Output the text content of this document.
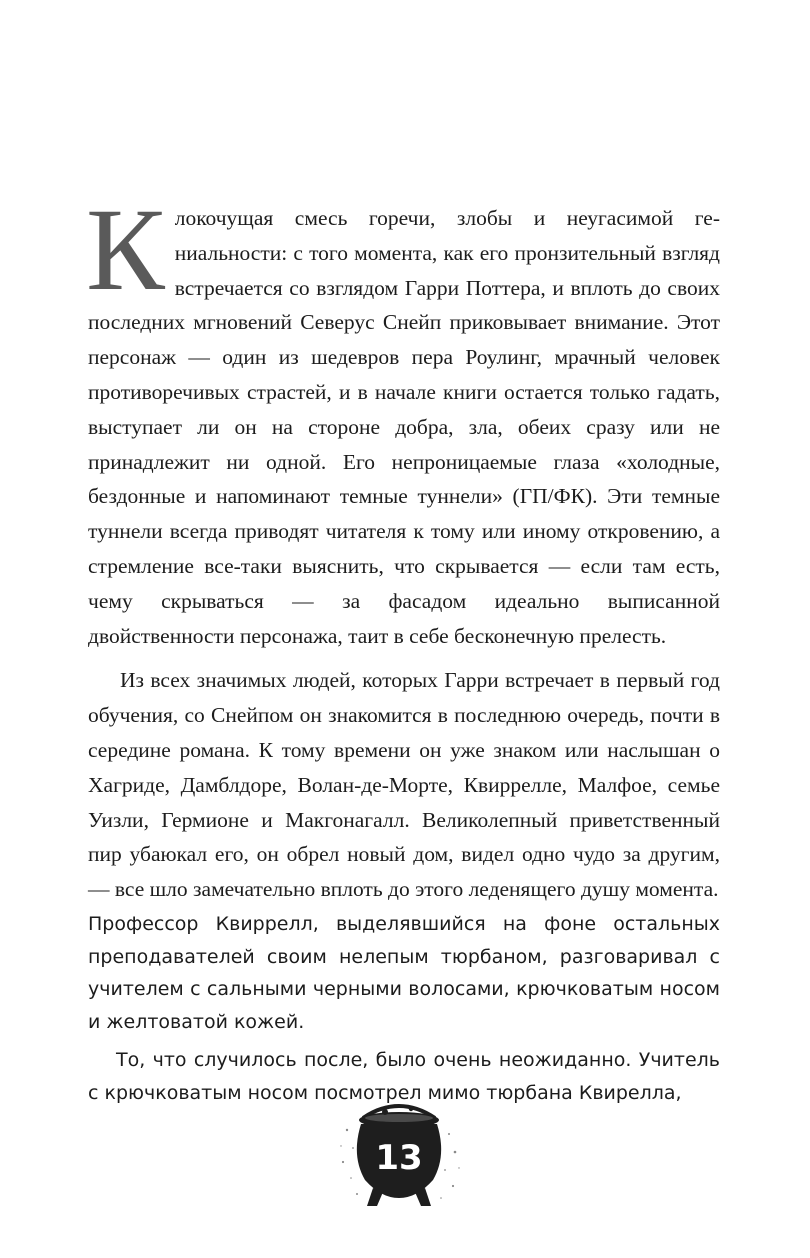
Клокочущая смесь горечи, злобы и неугасимой гениальности: с того момента, как его пронзительный взгляд встречается со взглядом Гарри Поттера, и вплоть до своих последних мгновений Северус Снейп приковывает внимание. Этот персонаж — один из шедевров пера Роулинг, мрачный человек противоречивых страстей, и в начале книги остается только гадать, выступает ли он на стороне добра, зла, обеих сразу или не принадлежит ни одной. Его непроницаемые глаза «холодные, бездонные и напоминают темные туннели» (ГП/ФК). Эти темные туннели всегда приводят читателя к тому или иному откровению, а стремление все-таки выяснить, что скрывается — если там есть, чему скрываться — за фасадом идеально выписанной двойственности персонажа, таит в себе бесконечную прелесть.

Из всех значимых людей, которых Гарри встречает в первый год обучения, со Снейпом он знакомится в последнюю очередь, почти в середине романа. К тому времени он уже знаком или наслышан о Хагриде, Дамблдоре, Волан-де-Морте, Квиррелле, Малфое, семье Уизли, Гермионе и Макгонагалл. Великолепный приветственный пир убаюкал его, он обрел новый дом, видел одно чудо за другим, — все шло замечательно вплоть до этого леденящего душу момента.

Профессор Квиррелл, выделявшийся на фоне остальных преподавателей своим нелепым тюрбаном, разговаривал с учителем с сальными черными волосами, крючковатым носом и желтоватой кожей.

То, что случилось после, было очень неожиданно. Учитель с крючковатым носом посмотрел мимо тюрбана Квирелла,

13
